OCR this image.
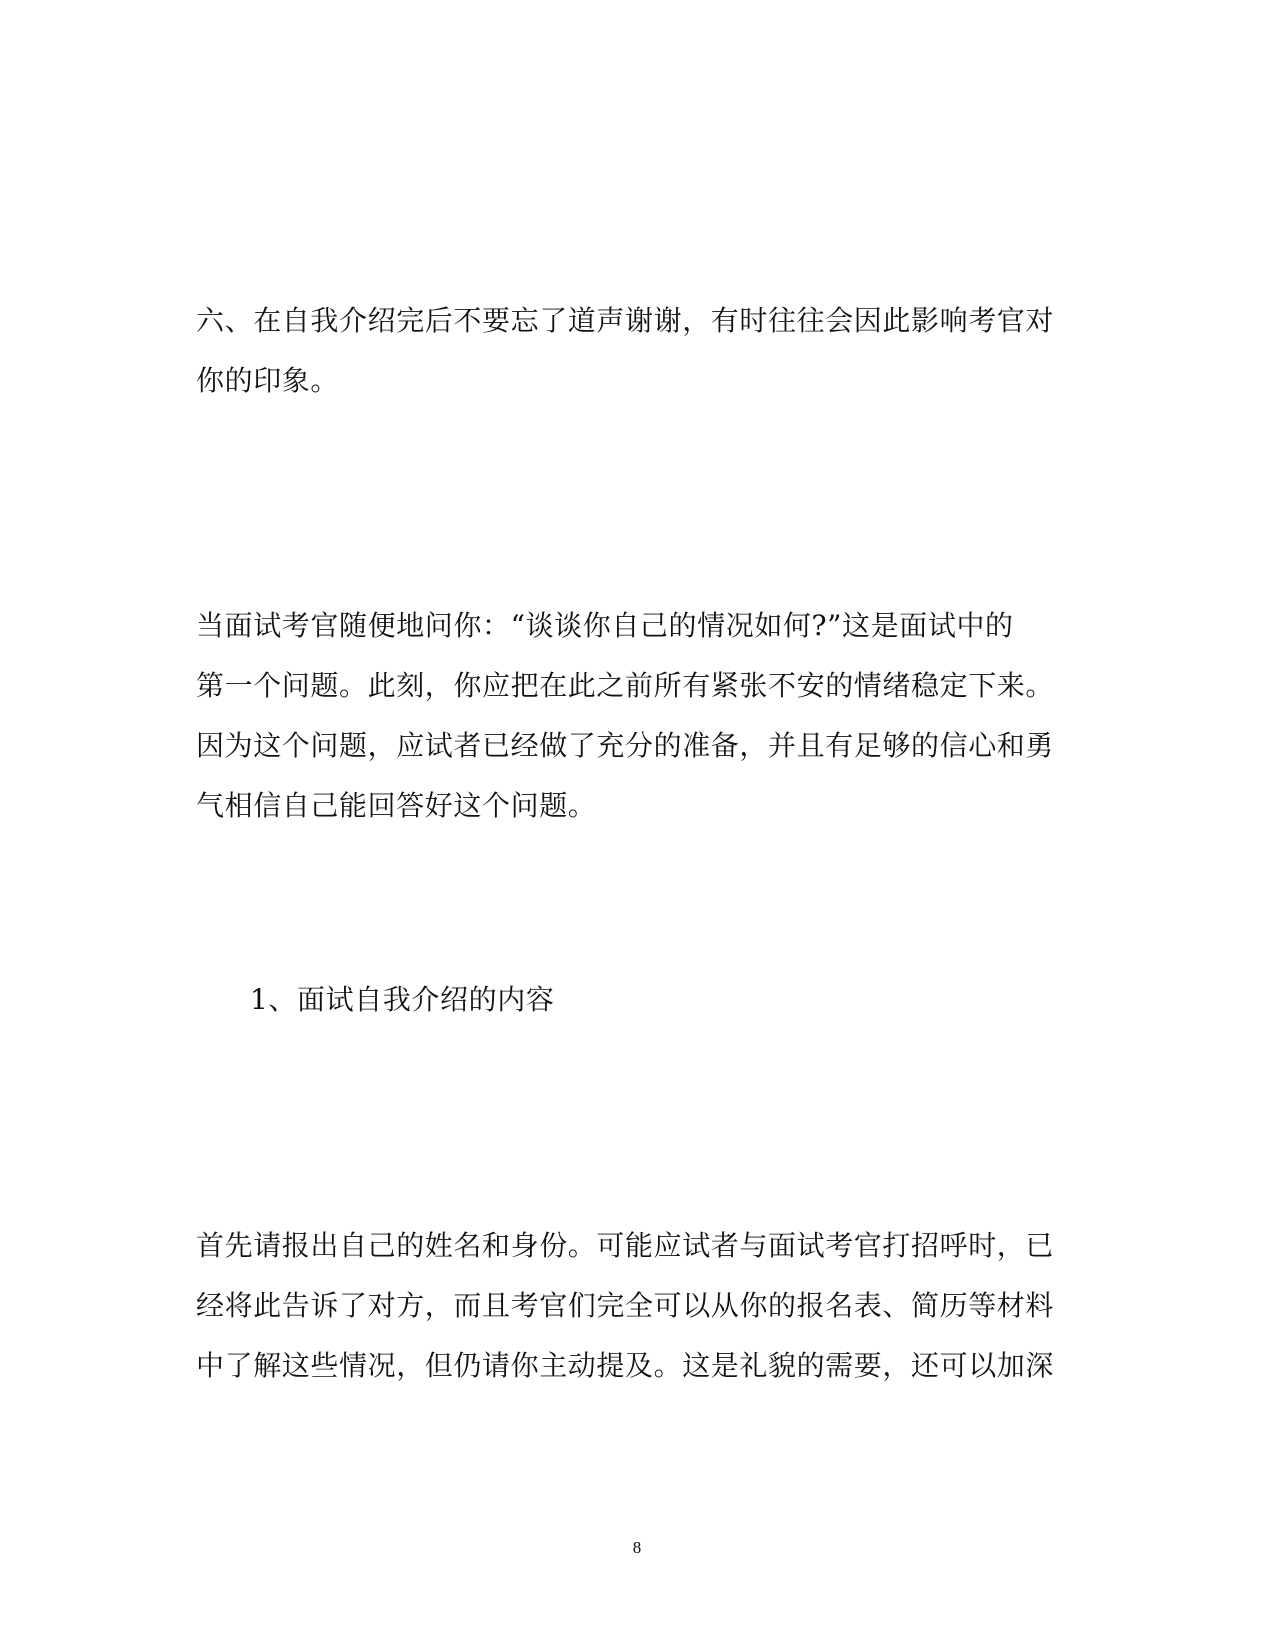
六、在自我介绍完后不要忘了道声谢谢，有时往往会因此影响考官对

你的印象。

当面试考官随便地问你：“谈谈你自己的情况如何?”这是面试中的

第一个问题。此刻，你应把在此之前所有紧张不安的情绪稳定下来。

因为这个问题，应试者已经做了充分的准备，并且有足够的信心和勇

气相信自己能回答好这个问题。

1、面试自我介绍的内容

首先请报出自己的姓名和身份。可能应试者与面试考官打招呼时，已

经将此告诉了对方，而且考官们完全可以从你的报名表、简历等材料

中了解这些情况，但仍请你主动提及。这是礼貌的需要，还可以加深

8
